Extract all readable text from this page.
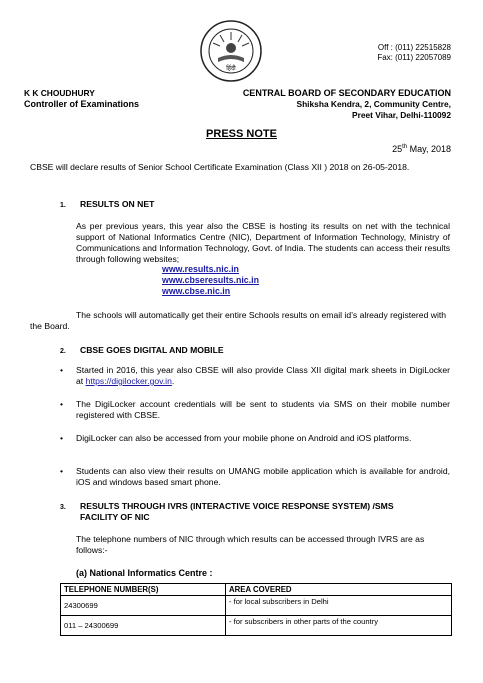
हिंदी
Off : (011) 22515828
Fax: (011) 22057089
K K CHOUDHURY
Controller of Examinations
CENTRAL BOARD OF SECONDARY EDUCATION
Shiksha Kendra, 2, Community Centre,
Preet Vihar, Delhi-110092
PRESS NOTE
25th May, 2018
CBSE will declare results of Senior School Certificate Examination (Class XII ) 2018 on 26-05-2018.
1. RESULTS ON NET
As per previous years, this year also the CBSE is hosting its results on net with the technical support of National Informatics Centre (NIC), Department of Information Technology, Ministry of Communications and Information Technology, Govt. of India. The students can access their results through following websites;
www.results.nic.in
www.cbseresults.nic.in
www.cbse.nic.in
The schools will automatically get their entire Schools results on email id’s already registered with the Board.
2. CBSE GOES DIGITAL AND MOBILE
• Started in 2016, this year also CBSE will also provide Class XII digital mark sheets in DigiLocker at https://digilocker.gov.in.
• The DigiLocker account credentials will be sent to students via SMS on their mobile number registered with CBSE.
• DigiLocker can also be accessed from your mobile phone on Android and iOS platforms.
• Students can also view their results on UMANG mobile application which is available for android, iOS and windows based smart phone.
3. RESULTS THROUGH IVRS (INTERACTIVE VOICE RESPONSE SYSTEM) /SMS
FACILITY OF NIC
The telephone numbers of NIC through which results can be accessed through IVRS are as follows:-
(a) National Informatics Centre :
TELEPHONE NUMBER(S)	AREA COVERED
24300699	- for local subscribers in Delhi
011 – 24300699	- for subscribers in other parts of the country
